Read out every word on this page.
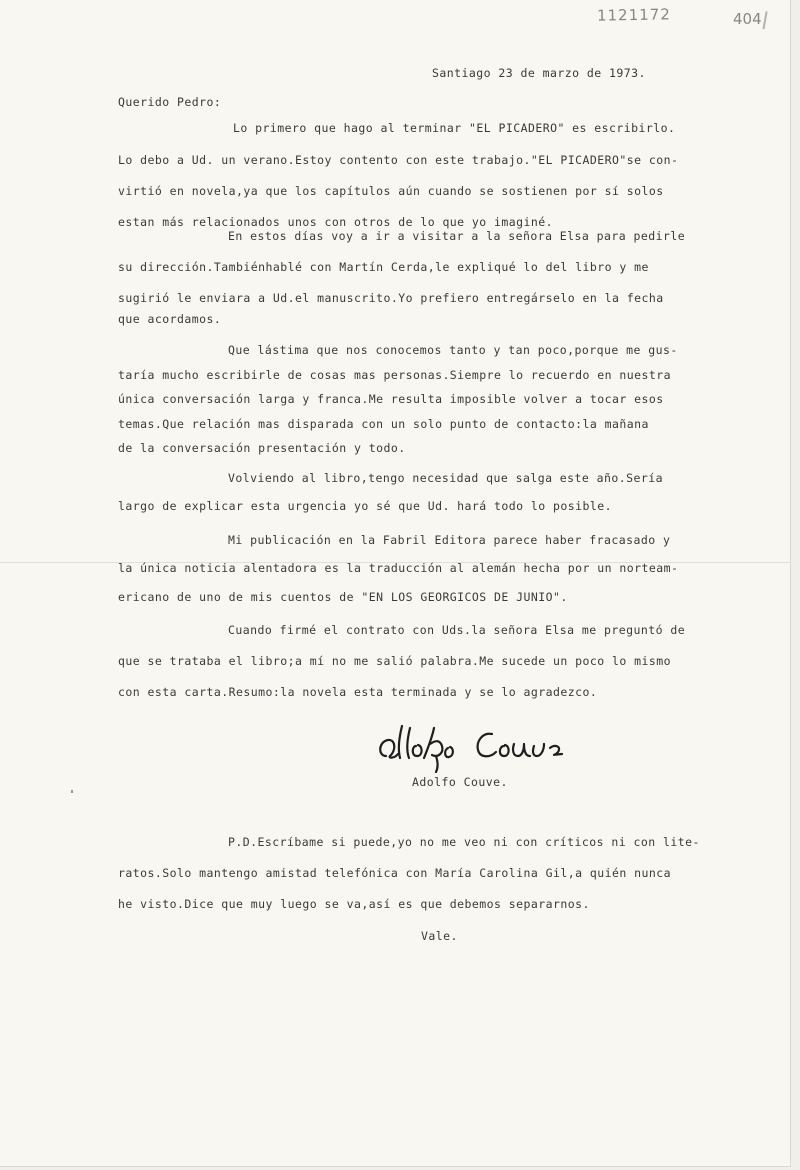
1121172	404
Santiago 23 de marzo de 1973.
Querido Pedro:
Lo primero que hago al terminar "EL PICADERO" es escribirlo.
Lo debo a Ud. un verano.Estoy contento con este trabajo."EL PICADERO"se con-
virtió en novela,ya que los capítulos aún cuando se sostienen por sí solos
estan más relacionados unos con otros de lo que yo imaginé.
En estos días voy a ir a visitar a la señora Elsa para pedirle
su dirección.Tambiénhablé con Martín Cerda,le expliqué lo del libro y me
sugirió le enviara a Ud.el manuscrito.Yo prefiero entregárselo en la fecha
que acordamos.
Que lástima que nos conocemos tanto y tan poco,porque me gus-
taría mucho escribirle de cosas mas personas.Siempre lo recuerdo en nuestra
única conversación larga y franca.Me resulta imposible volver a tocar esos
temas.Que relación mas disparada con un solo punto de contacto:la mañana
de la conversación presentación y todo.
Volviendo al libro,tengo necesidad que salga este año.Sería
largo de explicar esta urgencia yo sé que Ud. hará todo lo posible.
Mi publicación en la Fabril Editora parece haber fracasado y
la única noticia alentadora es la traducción al alemán hecha por un norteam-
ericano de uno de mis cuentos de "EN LOS GEORGICOS DE JUNIO".
Cuando firmé el contrato con Uds.la señora Elsa me preguntó de
que se trataba el libro;a mí no me salió palabra.Me sucede un poco lo mismo
con esta carta.Resumo:la novela esta terminada y se lo agradezco.
Adolfo Couve.
P.D.Escríbame si puede,yo no me veo ni con críticos ni con lite-
ratos.Solo mantengo amistad telefónica con María Carolina Gil,a quién nunca
he visto.Dice que muy luego se va,así es que debemos separarnos.
Vale.
